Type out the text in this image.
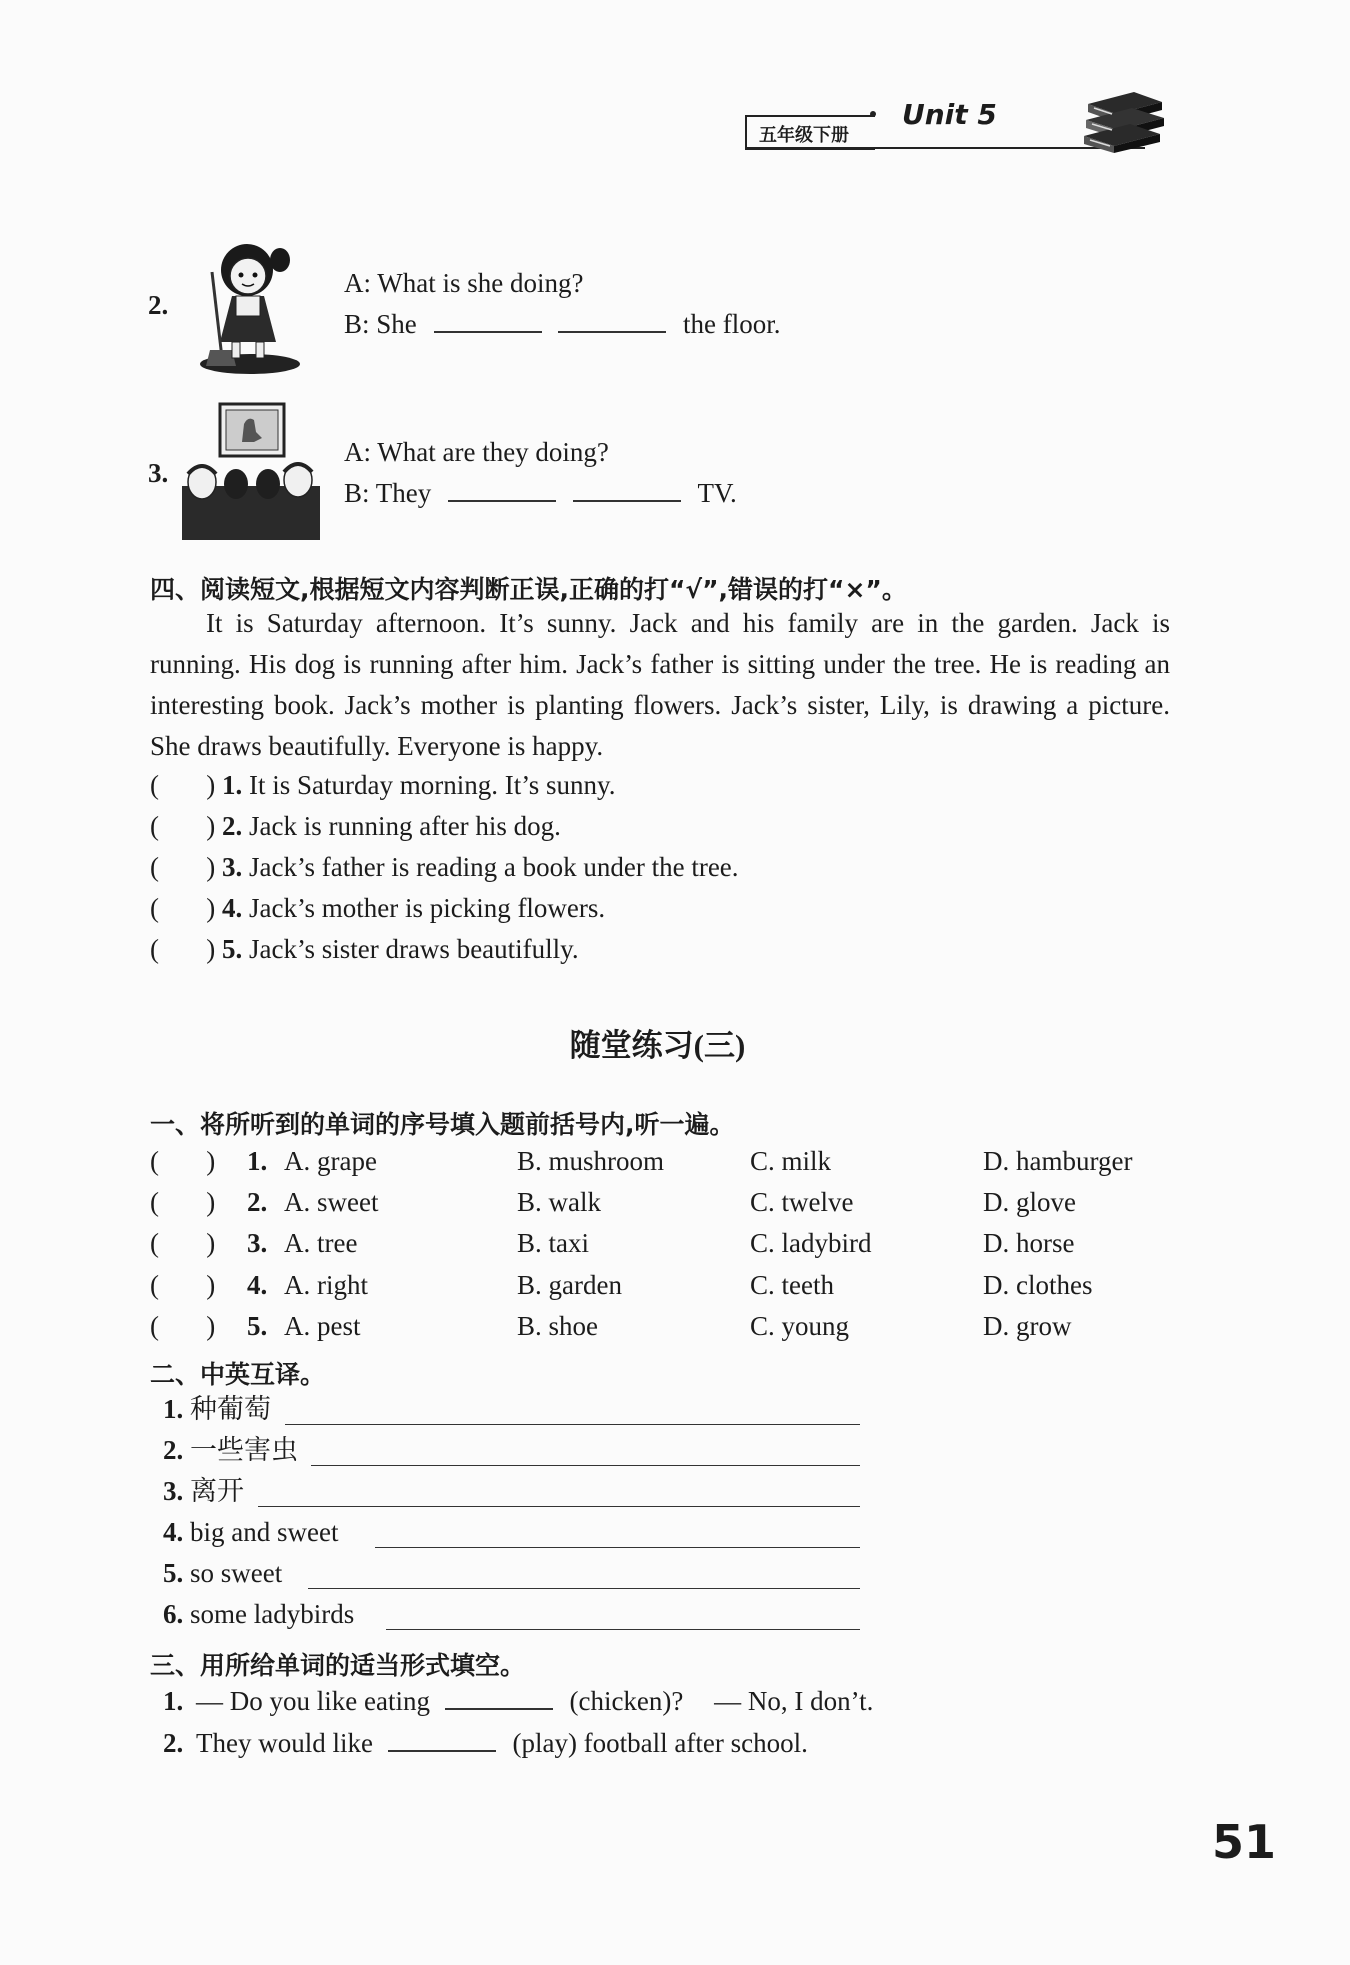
五年级下册
Unit 5
2.
A: What is she doing?
B: She	the floor.
3.
A: What are they doing?
B: They	TV.
四、阅读短文,根据短文内容判断正误,正确的打“√”,错误的打“×”。
It is Saturday afternoon. It’s sunny. Jack and his family are in the garden. Jack is running. His dog is running after him. Jack’s father is sitting under the tree. He is reading an interesting book. Jack’s mother is planting flowers. Jack’s sister, Lily, is drawing a picture. She draws beautifully. Everyone is happy.
(       ) 1. It is Saturday morning. It’s sunny.
(       ) 2. Jack is running after his dog.
(       ) 3. Jack’s father is reading a book under the tree.
(       ) 4. Jack’s mother is picking flowers.
(       ) 5. Jack’s sister draws beautifully.
随堂练习(三)
一、将所听到的单词的序号填入题前括号内,听一遍。
(       ) 1. A. grape	B. mushroom	C. milk	D. hamburger
(       ) 2. A. sweet	B. walk	C. twelve	D. glove
(       ) 3. A. tree	B. taxi	C. ladybird	D. horse
(       ) 4. A. right	B. garden	C. teeth	D. clothes
(       ) 5. A. pest	B. shoe	C. young	D. grow
二、中英互译。
1. 种葡萄
2. 一些害虫
3. 离开
4. big and sweet
5. so sweet
6. some ladybirds
三、用所给单词的适当形式填空。
1. — Do you like eating	(chicken)? — No, I don’t.
2. They would like	(play) football after school.
51
